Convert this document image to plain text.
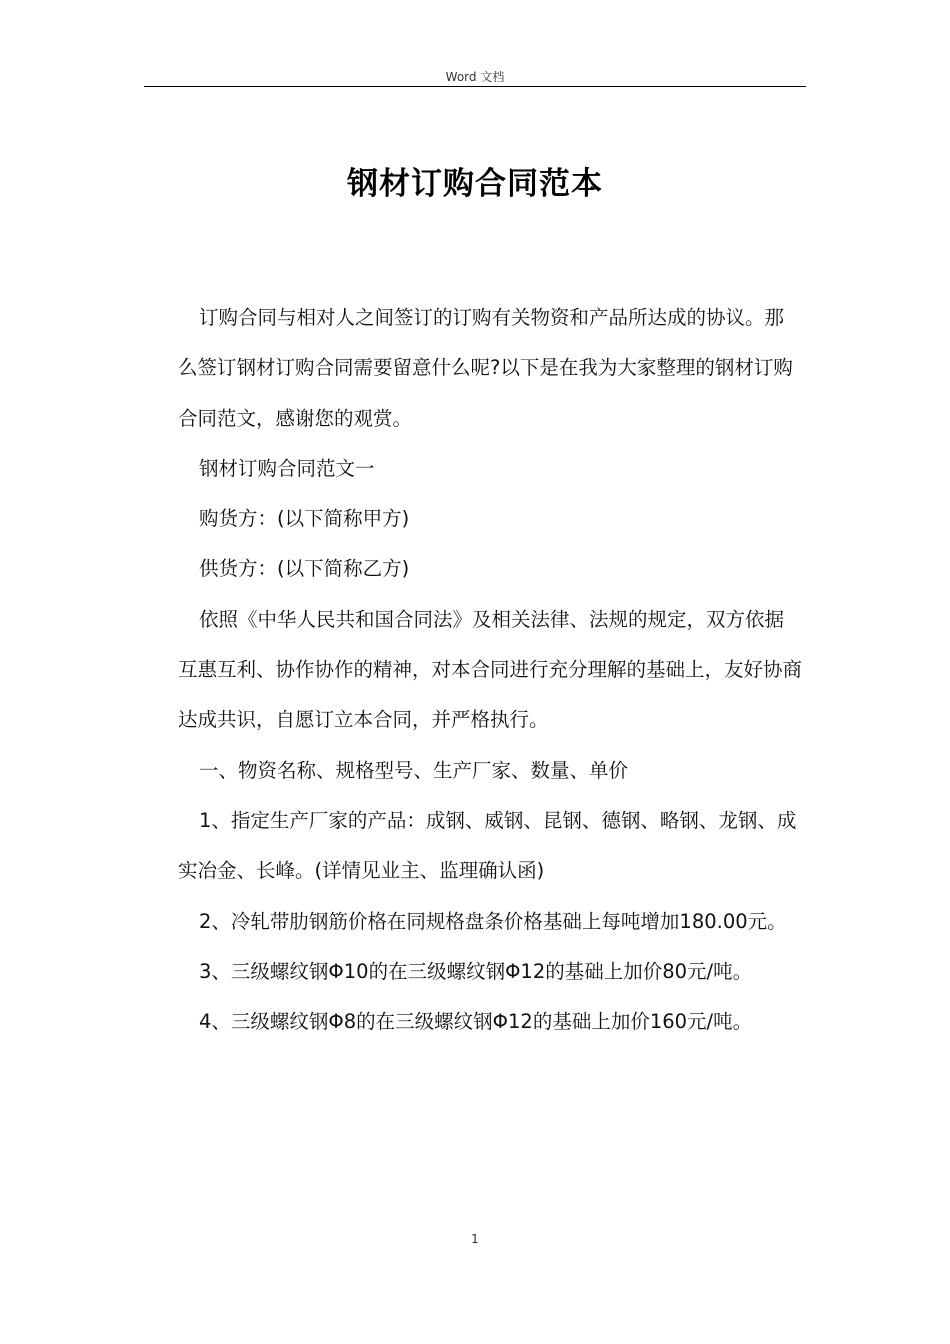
Word 文档
钢材订购合同范本

订购合同与相对人之间签订的订购有关物资和产品所达成的协议。那么签订钢材订购合同需要留意什么呢?以下是在我为大家整理的钢材订购合同范文，感谢您的观赏。

钢材订购合同范文一

购货方：(以下简称甲方)

供货方：(以下简称乙方)

依照《中华人民共和国合同法》及相关法律、法规的规定，双方依据互惠互利、协作协作的精神，对本合同进行充分理解的基础上，友好协商达成共识，自愿订立本合同，并严格执行。

一、物资名称、规格型号、生产厂家、数量、单价

1、指定生产厂家的产品：成钢、威钢、昆钢、德钢、略钢、龙钢、成实冶金、长峰。(详情见业主、监理确认函)

2、冷轧带肋钢筋价格在同规格盘条价格基础上每吨增加180.00元。

3、三级螺纹钢Φ10的在三级螺纹钢Φ12的基础上加价80元/吨。

4、三级螺纹钢Φ8的在三级螺纹钢Φ12的基础上加价160元/吨。

1
